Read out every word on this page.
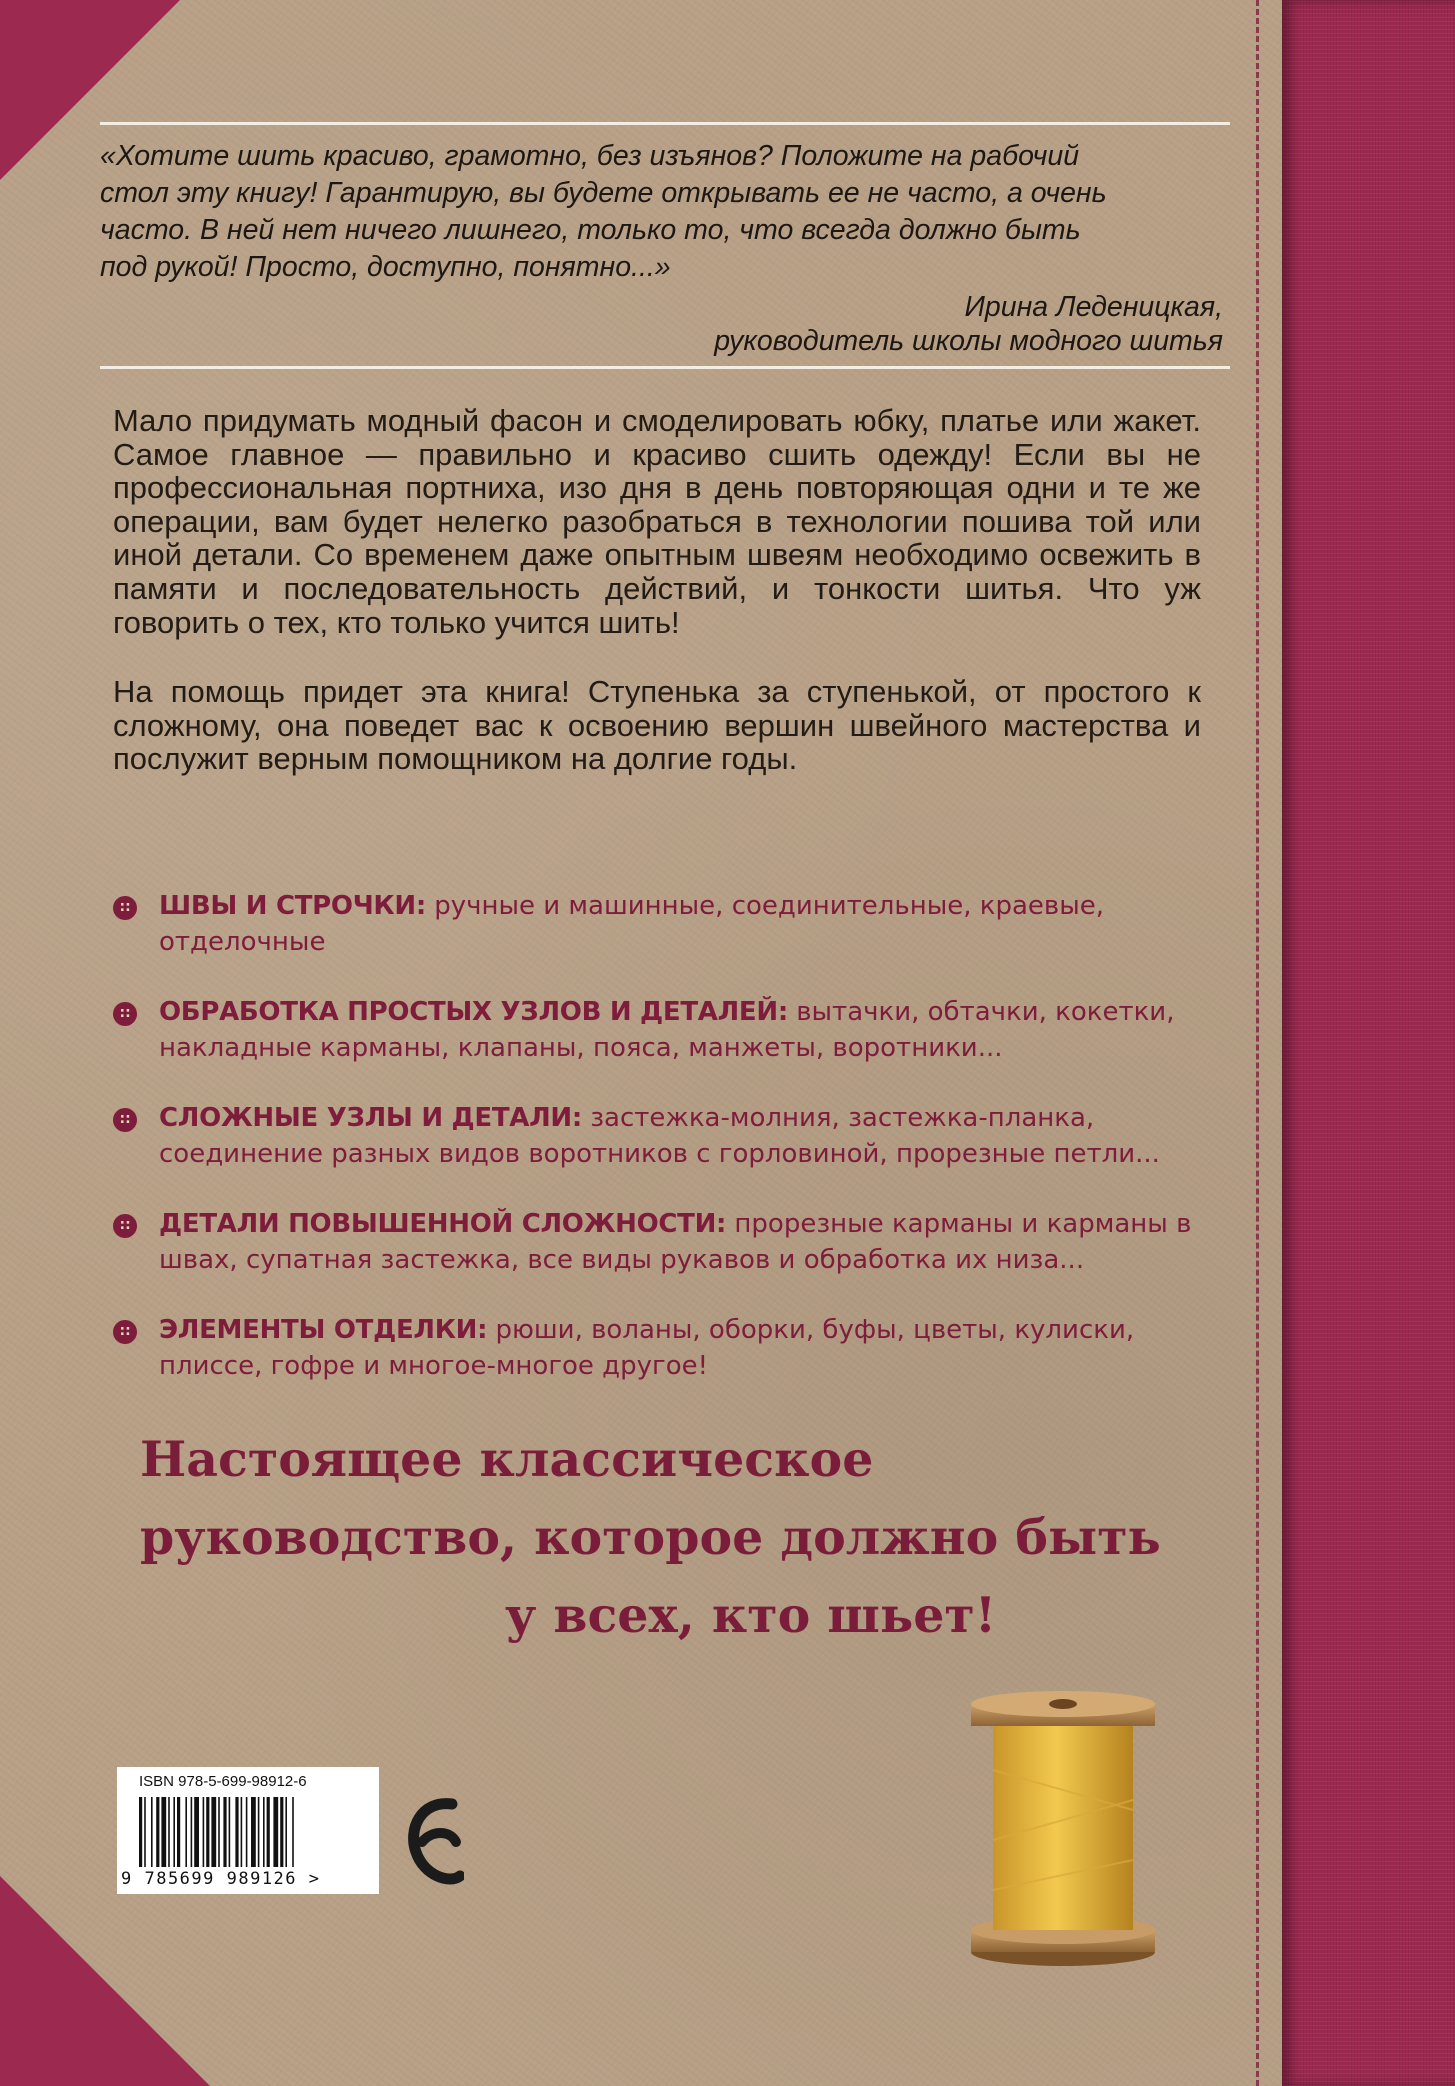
«Хотите шить красиво, грамотно, без изъянов? Положите на рабочий

стол эту книгу! Гарантирую, вы будете открывать ее не часто, а очень

часто. В ней нет ничего лишнего, только то, что всегда должно быть

под рукой! Просто, доступно, понятно...»

Ирина Леденицкая,
руководитель школы модного шитья

Мало придумать модный фасон и смоделировать юбку, платье или жакет. Самое главное — правильно и красиво сшить одежду! Если вы не профессиональная портниха, изо дня в день повторяющая одни и те же операции, вам будет нелегко разобраться в технологии пошива той или иной детали. Со временем даже опытным швеям необходимо освежить в памяти и последовательность действий, и тонкости шитья. Что уж говорить о тех, кто только учится шить!

На помощь придет эта книга! Ступенька за ступенькой, от простого к сложному, она поведет вас к освоению вершин швейного мастерства и послужит верным помощником на долгие годы.

∷ ШВЫ И СТРОЧКИ: ручные и машинные, соединительные, краевые, отделочные
∷ ОБРАБОТКА ПРОСТЫХ УЗЛОВ И ДЕТАЛЕЙ: вытачки, обтачки, кокетки, накладные карманы, клапаны, пояса, манжеты, воротники...
∷ СЛОЖНЫЕ УЗЛЫ И ДЕТАЛИ: застежка-молния, застежка-планка, соединение разных видов воротников с горловиной, прорезные петли...
∷ ДЕТАЛИ ПОВЫШЕННОЙ СЛОЖНОСТИ: прорезные карманы и карманы в швах, супатная застежка, все виды рукавов и обработка их низа...
∷ ЭЛЕМЕНТЫ ОТДЕЛКИ: рюши, воланы, оборки, буфы, цветы, кулиски, плиссе, гофре и многое-многое другое!
Настоящее классическое
руководство, которое должно быть
у всех, кто шьет!
ISBN 978-5-699-98912-6
9 785699 989126 >
